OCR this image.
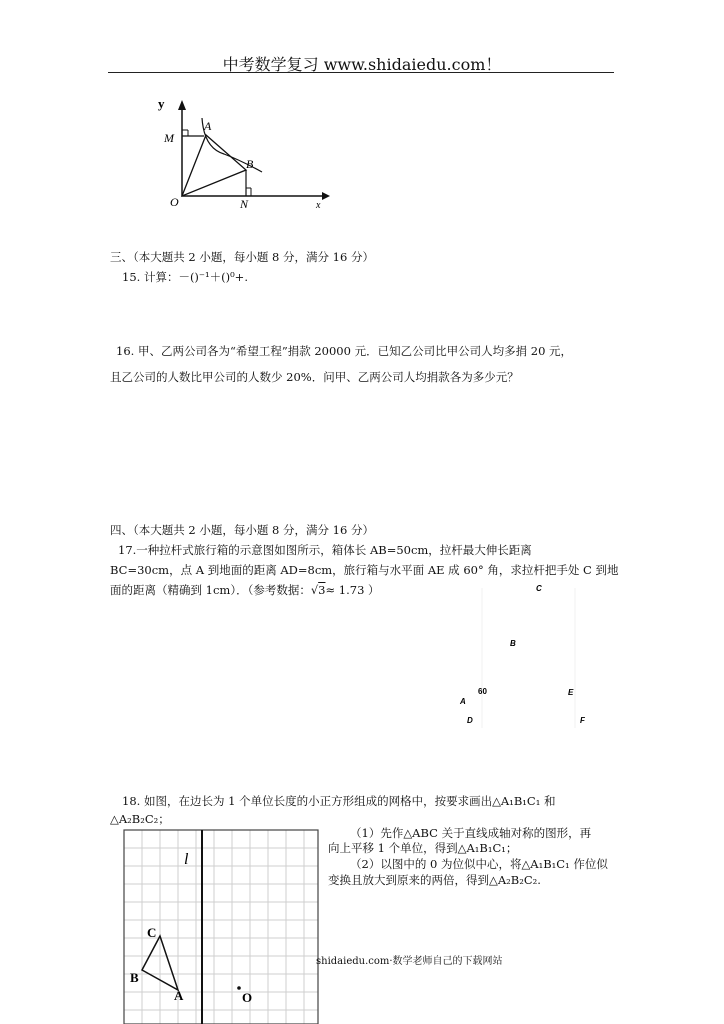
中考数学复习 www.shidaiedu.com！
y
x
M
A
B
O	N
三、（本大题共 2 小题，每小题 8 分，满分 16 分）
15. 计算：－()⁻¹＋()⁰+.
16. 甲、乙两公司各为“希望工程”捐款 20000 元．已知乙公司比甲公司人均多捐 20 元，
且乙公司的人数比甲公司的人数少 20%．问甲、乙两公司人均捐款各为多少元？
四、（本大题共 2 小题，每小题 8 分，满分 16 分）
17.一种拉杆式旅行箱的示意图如图所示，箱体长 AB=50cm，拉杆最大伸长距离
BC=30cm，点 A 到地面的距离 AD=8cm，旅行箱与水平面 AE 成 60° 角，求拉杆把手处 C 到地
面的距离（精确到 1cm）．（参考数据：√3≈ 1.73 ）	C
B
A
60	E
D	F
18. 如图，在边长为 1 个单位长度的小正方形组成的网格中，按要求画出△A₁B₁C₁ 和
△A₂B₂C₂；
（1）先作△ABC 关于直线成轴对称的图形，再
向上平移 1 个单位，得到△A₁B₁C₁；
（2）以图中的 0 为位似中心，将△A₁B₁C₁ 作位似
变换且放大到原来的两倍，得到△A₂B₂C₂.
l
C
B
A	O
shidaiedu.com·数学老师自己的下载网站
